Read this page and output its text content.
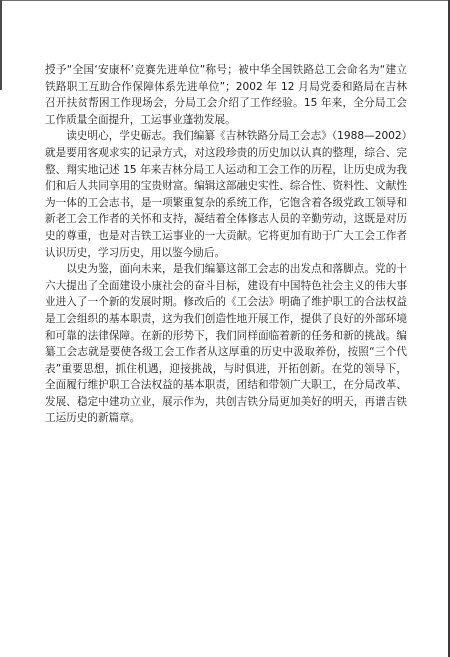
授予“全国‘安康杯’竞赛先进单位”称号；被中华全国铁路总工会命名为“建立铁路职工互助合作保障体系先进单位”；2002 年 12 月局党委和路局在吉林召开扶贫帮困工作现场会，分局工会介绍了工作经验。15 年来，全分局工会工作质量全面提升，工运事业蓬勃发展。

读史明心，学史砺志。我们编纂《吉林铁路分局工会志》（1988—2002）就是要用客观求实的记录方式，对这段珍贵的历史加以认真的整理，综合、完整、翔实地记述 15 年来吉林分局工人运动和工会工作的历程，让历史成为我们和后人共同享用的宝贵财富。编辑这部融史实性、综合性、资料性、文献性为一体的工会志书，是一项繁重复杂的系统工作，它饱含着各级党政工领导和新老工会工作者的关怀和支持，凝结着全体修志人员的辛勤劳动，这既是对历史的尊重，也是对吉铁工运事业的一大贡献。它将更加有助于广大工会工作者认识历史，学习历史，用以鉴今励后。

以史为鉴，面向未来，是我们编纂这部工会志的出发点和落脚点。党的十六大提出了全面建设小康社会的奋斗目标，建设有中国特色社会主义的伟大事业进入了一个新的发展时期。修改后的《工会法》明确了维护职工的合法权益是工会组织的基本职责，这为我们创造性地开展工作，提供了良好的外部环境和可靠的法律保障。在新的形势下，我们同样面临着新的任务和新的挑战。编纂工会志就是要使各级工会工作者从这厚重的历史中汲取养份，按照“三个代表”重要思想，抓住机遇，迎接挑战，与时俱进，开拓创新。在党的领导下，全面履行维护职工合法权益的基本职责，团结和带领广大职工，在分局改革、发展、稳定中建功立业，展示作为，共创吉铁分局更加美好的明天，再谱吉铁工运历史的新篇章。
